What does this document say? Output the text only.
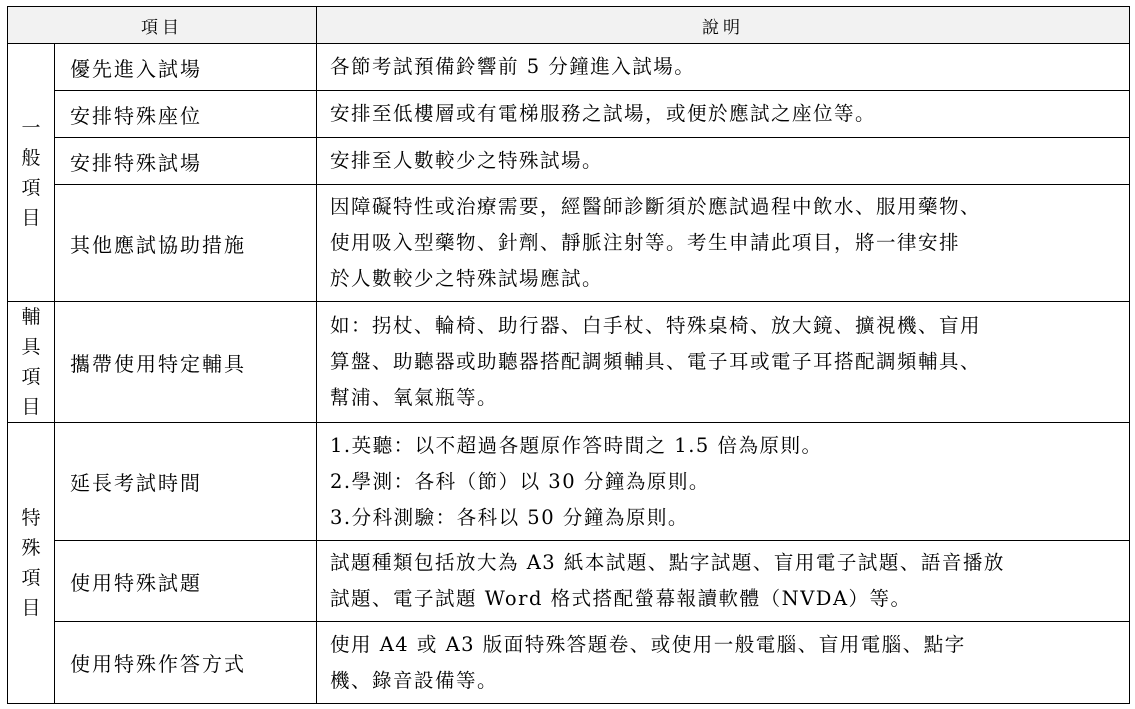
項目		說明
一般項目	優先進入試場	各節考試預備鈴響前 5 分鐘進入試場。

	安排特殊座位	安排至低樓層或有電梯服務之試場，或便於應試之座位等。

	安排特殊試場	安排至人數較少之特殊試場。

	其他應試協助措施	因障礙特性或治療需要，經醫師診斷須於應試過程中飲水、服用藥物、
使用吸入型藥物、針劑、靜脈注射等。考生申請此項目，將一律安排
於人數較少之特殊試場應試。

輔具項目	攜帶使用特定輔具	如：拐杖、輪椅、助行器、白手杖、特殊桌椅、放大鏡、擴視機、盲用
算盤、助聽器或助聽器搭配調頻輔具、電子耳或電子耳搭配調頻輔具、
幫浦、氧氣瓶等。

特殊項目	延長考試時間	1.英聽：以不超過各題原作答時間之 1.5 倍為原則。
2.學測：各科（節）以 30 分鐘為原則。
3.分科測驗：各科以 50 分鐘為原則。

	使用特殊試題	試題種類包括放大為 A3 紙本試題、點字試題、盲用電子試題、語音播放
試題、電子試題 Word 格式搭配螢幕報讀軟體（NVDA）等。

	使用特殊作答方式	使用 A4 或 A3 版面特殊答題卷、或使用一般電腦、盲用電腦、點字
機、錄音設備等。
